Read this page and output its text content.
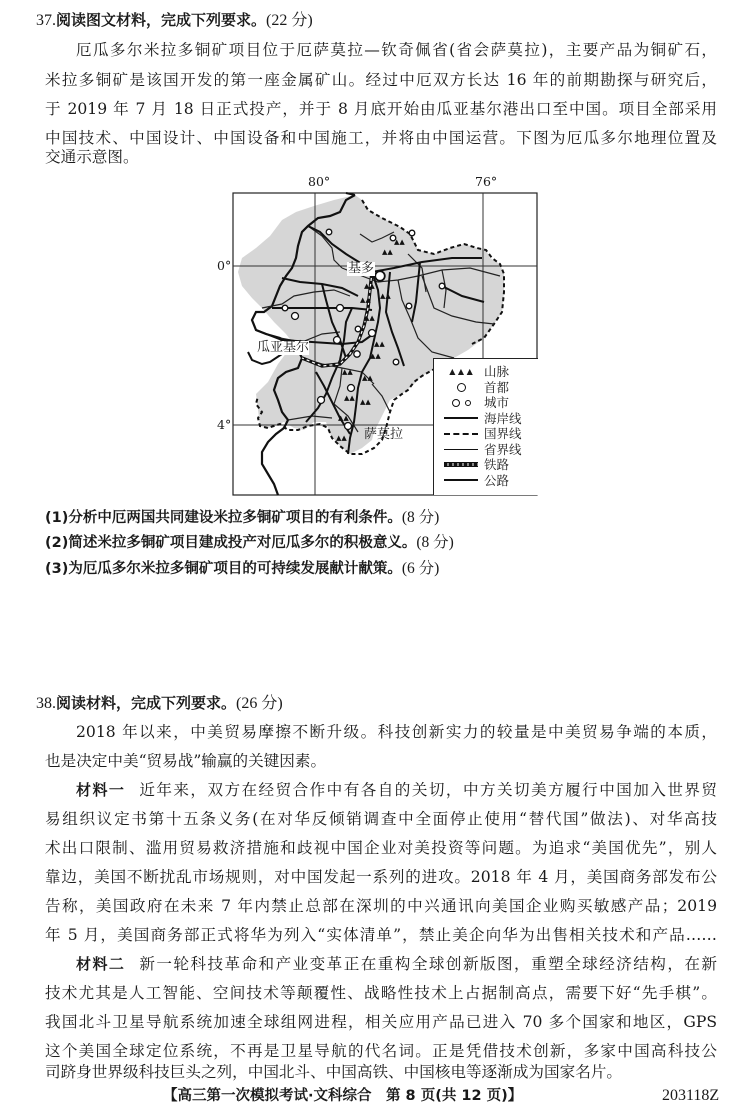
37.阅读图文材料，完成下列要求。(22 分)
厄瓜多尔米拉多铜矿项目位于厄萨莫拉—钦奇佩省(省会萨莫拉)，主要产品为铜矿石，
米拉多铜矿是该国开发的第一座金属矿山。经过中厄双方长达 16 年的前期勘探与研究后，
于 2019 年 7 月 18 日正式投产，并于 8 月底开始由瓜亚基尔港出口至中国。项目全部采用
中国技术、中国设计、中国设备和中国施工，并将由中国运营。下图为厄瓜多尔地理位置及
交通示意图。
▲▲
▲▲
▲▲
▲▲
▲▲
▲▲
▲▲
▲▲
▲▲
▲▲
▲▲ ▲▲
▲▲
▲▲
80°	76°
0°
4°
基多
瓜亚基尔
萨莫拉
▲ ▲ ▲ 山脉
首都
城市
海岸线
国界线
省界线
铁路
公路
(1)分析中厄两国共同建设米拉多铜矿项目的有利条件。(8 分)
(2)简述米拉多铜矿项目建成投产对厄瓜多尔的积极意义。(8 分)
(3)为厄瓜多尔米拉多铜矿项目的可持续发展献计献策。(6 分)
38.阅读材料，完成下列要求。(26 分)
2018 年以来，中美贸易摩擦不断升级。科技创新实力的较量是中美贸易争端的本质，
也是决定中美“贸易战”输赢的关键因素。
材料一 近年来，双方在经贸合作中有各自的关切，中方关切美方履行中国加入世界贸
易组织议定书第十五条义务(在对华反倾销调查中全面停止使用“替代国”做法)、对华高技
术出口限制、滥用贸易救济措施和歧视中国企业对美投资等问题。为追求“美国优先”，别人
靠边，美国不断扰乱市场规则，对中国发起一系列的进攻。2018 年 4 月，美国商务部发布公
告称，美国政府在未来 7 年内禁止总部在深圳的中兴通讯向美国企业购买敏感产品；2019
年 5 月，美国商务部正式将华为列入“实体清单”，禁止美企向华为出售相关技术和产品……
材料二 新一轮科技革命和产业变革正在重构全球创新版图，重塑全球经济结构，在新
技术尤其是人工智能、空间技术等颠覆性、战略性技术上占据制高点，需要下好“先手棋”。
我国北斗卫星导航系统加速全球组网进程，相关应用产品已进入 70 多个国家和地区，GPS
这个美国全球定位系统，不再是卫星导航的代名词。正是凭借技术创新，多家中国高科技公
司跻身世界级科技巨头之列，中国北斗、中国高铁、中国核电等逐渐成为国家名片。
【高三第一次模拟考试·文科综合　第 8 页(共 12 页)】	203118Z
